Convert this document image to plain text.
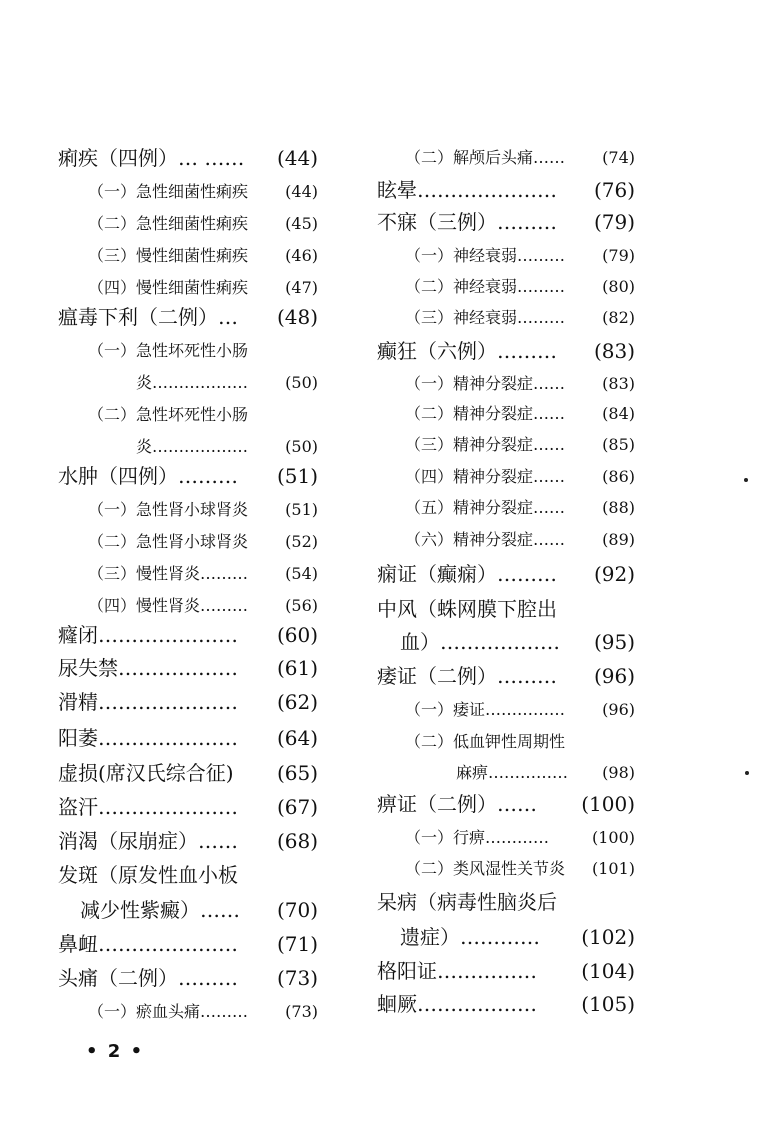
痢疾（四例）… …… (44)
（一）急性细菌性痢疾 (44)
（二）急性细菌性痢疾 (45)
（三）慢性细菌性痢疾 (46)
（四）慢性细菌性痢疾 (47)
瘟毒下利（二例）… (48)
（一）急性坏死性小肠
炎……………… (50)
（二）急性坏死性小肠
炎……………… (50)
水肿（四例）……… (51)
（一）急性肾小球肾炎 (51)
（二）急性肾小球肾炎 (52)
（三）慢性肾炎……… (54)
（四）慢性肾炎……… (56)
癃闭………………… (60)
尿失禁……………… (61)
滑精………………… (62)
阳萎………………… (64)
虚损(席汉氏综合征) (65)
盗汗………………… (67)
消渴（尿崩症）…… (68)
发斑（原发性血小板
减少性紫癜）…… (70)
鼻衄………………… (71)
头痛（二例）……… (73)
（一）瘀血头痛……… (73)
（二）解颅后头痛…… (74)
眩晕………………… (76)
不寐（三例）……… (79)
（一）神经衰弱……… (79)
（二）神经衰弱……… (80)
（三）神经衰弱……… (82)
癫狂（六例）……… (83)
（一）精神分裂症…… (83)
（二）精神分裂症…… (84)
（三）精神分裂症…… (85)
（四）精神分裂症…… (86)
（五）精神分裂症…… (88)
（六）精神分裂症…… (89)
痫证（癫痫）……… (92)
中风（蛛网膜下腔出
血）……………… (95)
痿证（二例）……… (96)
（一）痿证…………… (96)
（二）低血钾性周期性
麻痹…………… (98)
痹证（二例）…… (100)
（一）行痹…………	(100)
（二）类风湿性关节炎 (101)
呆病（病毒性脑炎后
遗症）………… (102)
格阳证…………… (104)
蛔厥……………… (105)
• 2 •
